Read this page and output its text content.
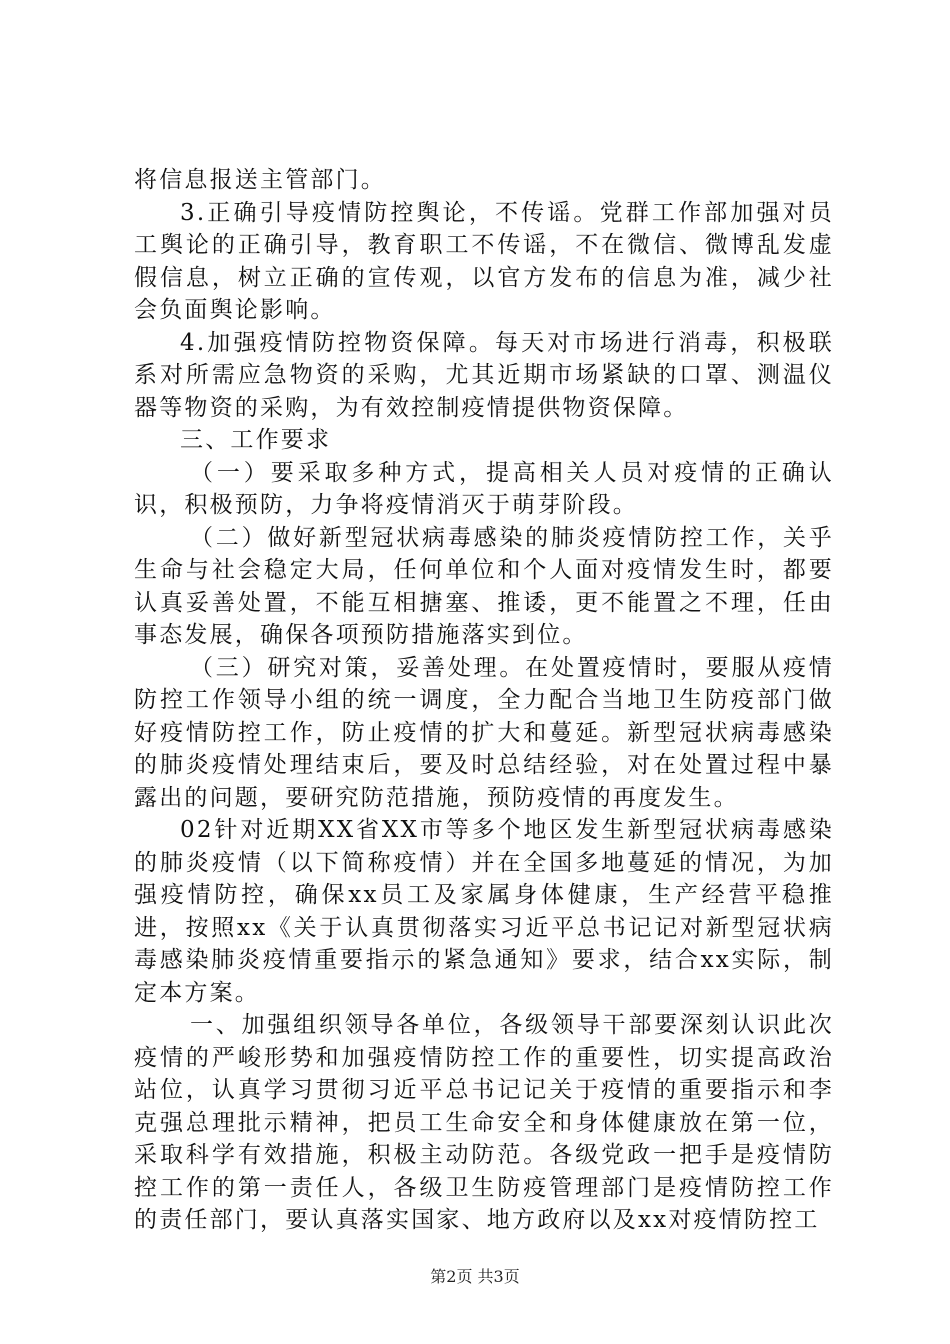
将信息报送主管部门。

3.正确引导疫情防控舆论，不传谣。党群工作部加强对员工舆论的正确引导，教育职工不传谣，不在微信、微博乱发虚假信息，树立正确的宣传观，以官方发布的信息为准，减少社会负面舆论影响。

4.加强疫情防控物资保障。每天对市场进行消毒，积极联系对所需应急物资的采购，尤其近期市场紧缺的口罩、测温仪器等物资的采购，为有效控制疫情提供物资保障。

三、工作要求

（一）要采取多种方式，提高相关人员对疫情的正确认识，积极预防，力争将疫情消灭于萌芽阶段。

（二）做好新型冠状病毒感染的肺炎疫情防控工作，关乎生命与社会稳定大局，任何单位和个人面对疫情发生时，都要认真妥善处置，不能互相搪塞、推诿，更不能置之不理，任由事态发展，确保各项预防措施落实到位。

（三）研究对策，妥善处理。在处置疫情时，要服从疫情防控工作领导小组的统一调度，全力配合当地卫生防疫部门做好疫情防控工作，防止疫情的扩大和蔓延。新型冠状病毒感染的肺炎疫情处理结束后，要及时总结经验，对在处置过程中暴露出的问题，要研究防范措施，预防疫情的再度发生。

02针对近期XX省XX市等多个地区发生新型冠状病毒感染的肺炎疫情（以下简称疫情）并在全国多地蔓延的情况，为加强疫情防控，确保xx员工及家属身体健康，生产经营平稳推进，按照xx《关于认真贯彻落实习近平总书记记对新型冠状病毒感染肺炎疫情重要指示的紧急通知》要求，结合xx实际，制定本方案。

一、加强组织领导各单位，各级领导干部要深刻认识此次疫情的严峻形势和加强疫情防控工作的重要性，切实提高政治站位，认真学习贯彻习近平总书记记关于疫情的重要指示和李克强总理批示精神，把员工生命安全和身体健康放在第一位，采取科学有效措施，积极主动防范。各级党政一把手是疫情防控工作的第一责任人，各级卫生防疫管理部门是疫情防控工作的责任部门，要认真落实国家、地方政府以及xx对疫情防控工

第2页 共3页
